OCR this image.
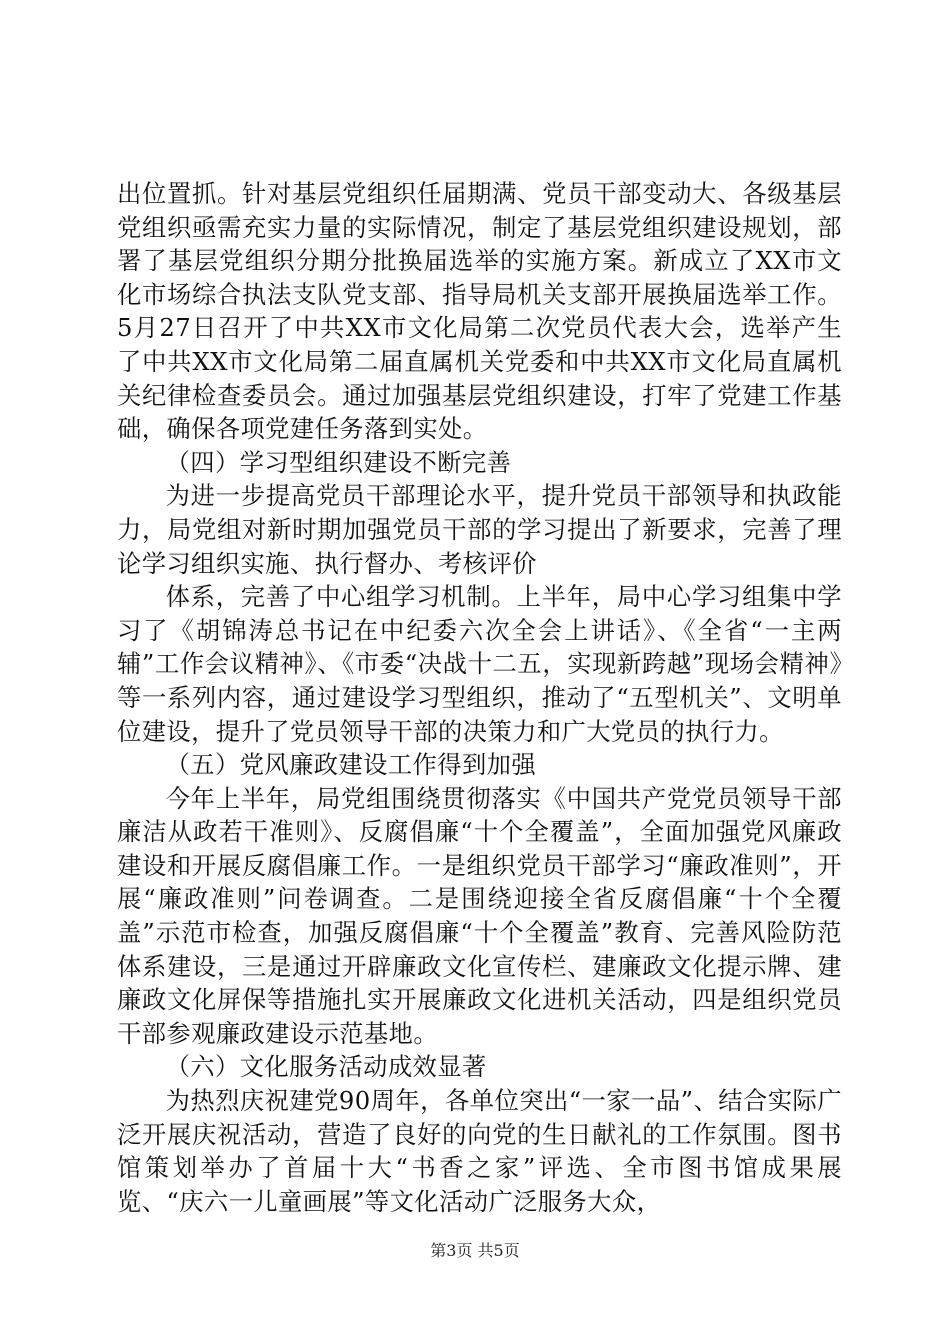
出位置抓。针对基层党组织任届期满、党员干部变动大、各级基层党组织亟需充实力量的实际情况，制定了基层党组织建设规划，部署了基层党组织分期分批换届选举的实施方案。新成立了XX市文化市场综合执法支队党支部、指导局机关支部开展换届选举工作。5月27日召开了中共XX市文化局第二次党员代表大会，选举产生了中共XX市文化局第二届直属机关党委和中共XX市文化局直属机关纪律检查委员会。通过加强基层党组织建设，打牢了党建工作基础，确保各项党建任务落到实处。

（四）学习型组织建设不断完善

为进一步提高党员干部理论水平，提升党员干部领导和执政能力，局党组对新时期加强党员干部的学习提出了新要求，完善了理论学习组织实施、执行督办、考核评价

体系，完善了中心组学习机制。上半年，局中心学习组集中学习了《胡锦涛总书记在中纪委六次全会上讲话》、《全省“一主两辅”工作会议精神》、《市委“决战十二五，实现新跨越”现场会精神》等一系列内容，通过建设学习型组织，推动了“五型机关”、文明单位建设，提升了党员领导干部的决策力和广大党员的执行力。

（五）党风廉政建设工作得到加强

今年上半年，局党组围绕贯彻落实《中国共产党党员领导干部廉洁从政若干准则》、反腐倡廉“十个全覆盖”，全面加强党风廉政建设和开展反腐倡廉工作。一是组织党员干部学习“廉政准则”，开展“廉政准则”问卷调查。二是围绕迎接全省反腐倡廉“十个全覆盖”示范市检查，加强反腐倡廉“十个全覆盖”教育、完善风险防范体系建设，三是通过开辟廉政文化宣传栏、建廉政文化提示牌、建廉政文化屏保等措施扎实开展廉政文化进机关活动，四是组织党员干部参观廉政建设示范基地。

（六）文化服务活动成效显著

为热烈庆祝建党90周年，各单位突出“一家一品”、结合实际广泛开展庆祝活动，营造了良好的向党的生日献礼的工作氛围。图书馆策划举办了首届十大“书香之家”评选、全市图书馆成果展览、“庆六一儿童画展”等文化活动广泛服务大众，

第3页 共5页
